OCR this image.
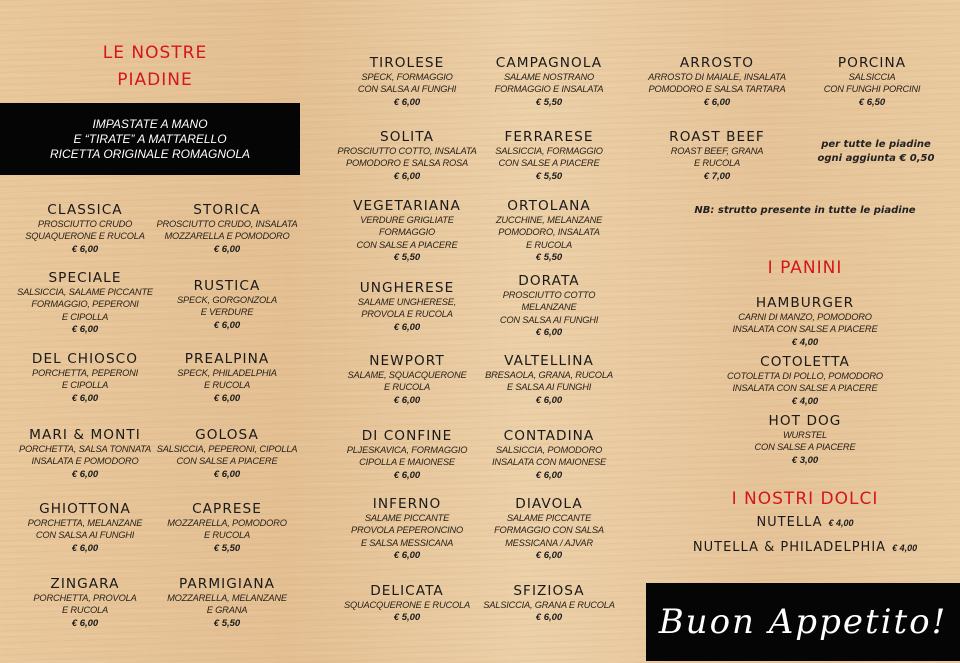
LE NOSTRE
PIADINE
IMPASTATE A MANO
E “TIRATE” A MATTARELLO
RICETTA ORIGINALE ROMAGNOLA
CLASSICA
PROSCIUTTO CRUDO
SQUAQUERONE E RUCOLA
€ 6,00
STORICA
PROSCIUTTO CRUDO, INSALATA
MOZZARELLA E POMODORO
€ 6,00
SPECIALE
SALSICCIA, SALAME PICCANTE
FORMAGGIO, PEPERONI
E CIPOLLA
€ 6,00
RUSTICA
SPECK, GORGONZOLA
E VERDURE
€ 6,00
DEL CHIOSCO
PORCHETTA, PEPERONI
E CIPOLLA
€ 6,00
PREALPINA
SPECK, PHILADELPHIA
E RUCOLA
€ 6,00
MARI & MONTI
PORCHETTA, SALSA TONNATA
INSALATA E POMODORO
€ 6,00
GOLOSA
SALSICCIA, PEPERONI, CIPOLLA
CON SALSE A PIACERE
€ 6,00
GHIOTTONA
PORCHETTA, MELANZANE
CON SALSA AI FUNGHI
€ 6,00
CAPRESE
MOZZARELLA, POMODORO
E RUCOLA
€ 5,50
ZINGARA
PORCHETTA, PROVOLA
E RUCOLA
€ 6,00
PARMIGIANA
MOZZARELLA, MELANZANE
E GRANA
€ 5,50
TIROLESE
SPECK, FORMAGGIO
CON SALSA AI FUNGHI
€ 6,00
CAMPAGNOLA
SALAME NOSTRANO
FORMAGGIO E INSALATA
€ 5,50
SOLITA
PROSCIUTTO COTTO, INSALATA
POMODORO E SALSA ROSA
€ 6,00
FERRARESE
SALSICCIA, FORMAGGIO
CON SALSE A PIACERE
€ 5,50
VEGETARIANA
VERDURE GRIGLIATE
FORMAGGIO
CON SALSE A PIACERE
€ 5,50
ORTOLANA
ZUCCHINE, MELANZANE
POMODORO, INSALATA
E RUCOLA
€ 5,50
UNGHERESE
SALAME UNGHERESE,
PROVOLA E RUCOLA
€ 6,00
DORATA
PROSCIUTTO COTTO
MELANZANE
CON SALSA AI FUNGHI
€ 6,00
NEWPORT
SALAME, SQUACQUERONE
E RUCOLA
€ 6,00
VALTELLINA
BRESAOLA, GRANA, RUCOLA
E SALSA AI FUNGHI
€ 6,00
DI CONFINE
PLJESKAVICA, FORMAGGIO
CIPOLLA E MAIONESE
€ 6,00
CONTADINA
SALSICCIA, POMODORO
INSALATA CON MAIONESE
€ 6,00
INFERNO
SALAME PICCANTE
PROVOLA PEPERONCINO
E SALSA MESSICANA
€ 6,00
DIAVOLA
SALAME PICCANTE
FORMAGGIO CON SALSA
MESSICANA / AJVAR
€ 6,00
DELICATA
SQUACQUERONE E RUCOLA
€ 5,00
SFIZIOSA
SALSICCIA, GRANA E RUCOLA
€ 6,00
ARROSTO
ARROSTO DI MAIALE, INSALATA
POMODORO E SALSA TARTARA
€ 6,00
PORCINA
SALSICCIA
CON FUNGHI PORCINI
€ 6,50
ROAST BEEF
ROAST BEEF, GRANA
E RUCOLA
€ 7,00
per tutte le piadine
ogni aggiunta € 0,50
NB: strutto presente in tutte le piadine
I PANINI
HAMBURGER
CARNI DI MANZO, POMODORO
INSALATA CON SALSE A PIACERE
€ 4,00
COTOLETTA
COTOLETTA DI POLLO, POMODORO
INSALATA CON SALSE A PIACERE
€ 4,00
HOT DOG
WURSTEL
CON SALSE A PIACERE
€ 3,00
I NOSTRI DOLCI
NUTELLA € 4,00
NUTELLA & PHILADELPHIA € 4,00
Buon Appetito!
